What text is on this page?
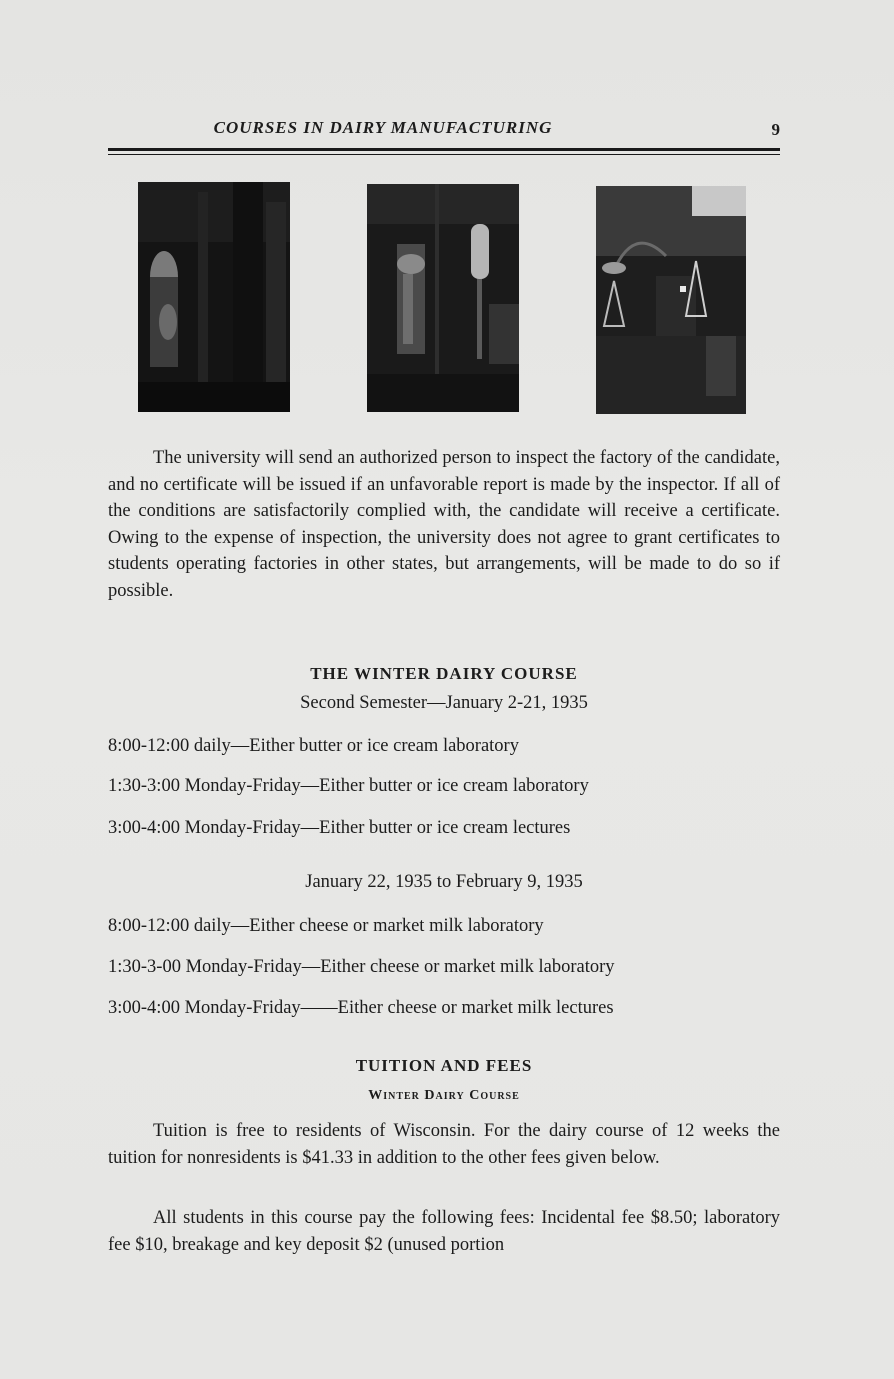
COURSES IN DAIRY MANUFACTURING	9

The university will send an authorized person to inspect the factory of the candidate, and no certificate will be issued if an unfavorable report is made by the inspector. If all of the conditions are satisfactorily complied with, the candidate will receive a certificate. Owing to the expense of inspection, the university does not agree to grant certificates to students operating factories in other states, but arrangements, will be made to do so if possible.

THE WINTER DAIRY COURSE
Second Semester—January 2-21, 1935
8:00-12:00 daily—Either butter or ice cream laboratory
1:30-3:00 Monday-Friday—Either butter or ice cream laboratory
3:00-4:00 Monday-Friday—Either butter or ice cream lectures
January 22, 1935 to February 9, 1935
8:00-12:00 daily—Either cheese or market milk laboratory
1:30-3-00 Monday-Friday—Either cheese or market milk laboratory
3:00-4:00 Monday-Friday——Either cheese or market milk lectures
TUITION AND FEES
Winter Dairy Course

Tuition is free to residents of Wisconsin. For the dairy course of 12 weeks the tuition for nonresidents is $41.33 in addition to the other fees given below.

All students in this course pay the following fees: Incidental fee $8.50; laboratory fee $10, breakage and key deposit $2 (unused portion
